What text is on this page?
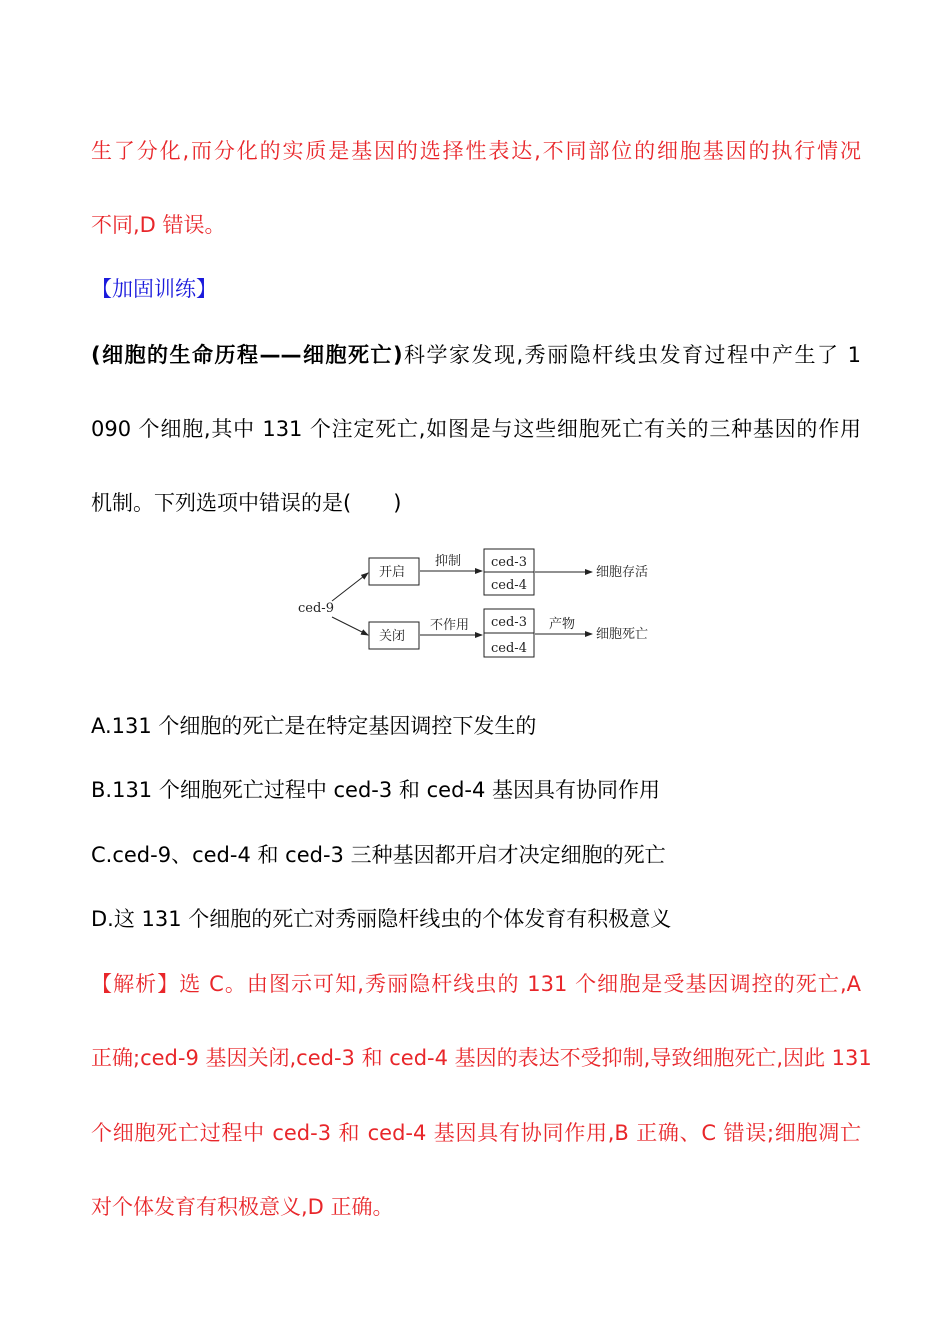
生了分化,而分化的实质是基因的选择性表达,不同部位的细胞基因的执行情况
不同,D 错误。
【加固训练】
(细胞的生命历程——细胞死亡)科学家发现,秀丽隐杆线虫发育过程中产生了 1
090 个细胞,其中 131 个注定死亡,如图是与这些细胞死亡有关的三种基因的作用
机制。下列选项中错误的是(　　)
ced-9
开启
关闭
抑制
不作用
ced-3
ced-4
ced-3
ced-4
细胞存活
产物
细胞死亡
A.131 个细胞的死亡是在特定基因调控下发生的
B.131 个细胞死亡过程中 ced-3 和 ced-4 基因具有协同作用
C.ced-9、ced-4 和 ced-3 三种基因都开启才决定细胞的死亡
D.这 131 个细胞的死亡对秀丽隐杆线虫的个体发育有积极意义
【解析】选 C。由图示可知,秀丽隐杆线虫的 131 个细胞是受基因调控的死亡,A
正确;ced-9 基因关闭,ced-3 和 ced-4 基因的表达不受抑制,导致细胞死亡,因此 131
个细胞死亡过程中 ced-3 和 ced-4 基因具有协同作用,B 正确、C 错误;细胞凋亡
对个体发育有积极意义,D 正确。
